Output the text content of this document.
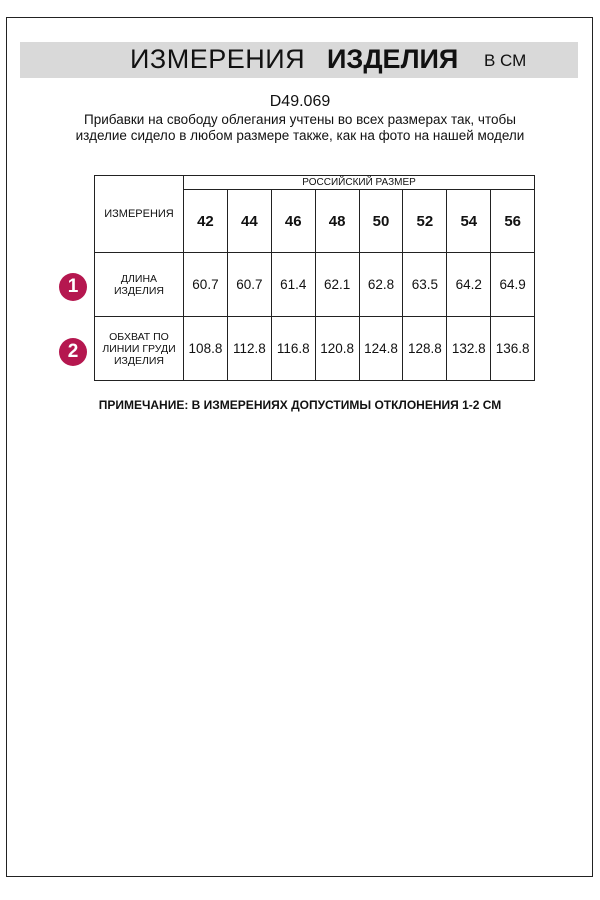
ИЗМЕРЕНИЯ ИЗДЕЛИЯ В СМ
D49.069
Прибавки на свободу облегания учтены во всех размерах так, чтобы изделие сидело в любом размере также, как на фото на нашей модели
ИЗМЕРЕНИЯ	РОССИЙСКИЙ РАЗМЕР							
	42	44	46	48	50	52	54	56
ДЛИНА ИЗДЕЛИЯ	60.7	60.7	61.4	62.1	62.8	63.5	64.2	64.9
ОБХВАТ ПО ЛИНИИ ГРУДИ ИЗДЕЛИЯ	108.8	112.8	116.8	120.8	124.8	128.8	132.8	136.8
1
2
ПРИМЕЧАНИЕ: В ИЗМЕРЕНИЯХ ДОПУСТИМЫ ОТКЛОНЕНИЯ 1-2 СМ
